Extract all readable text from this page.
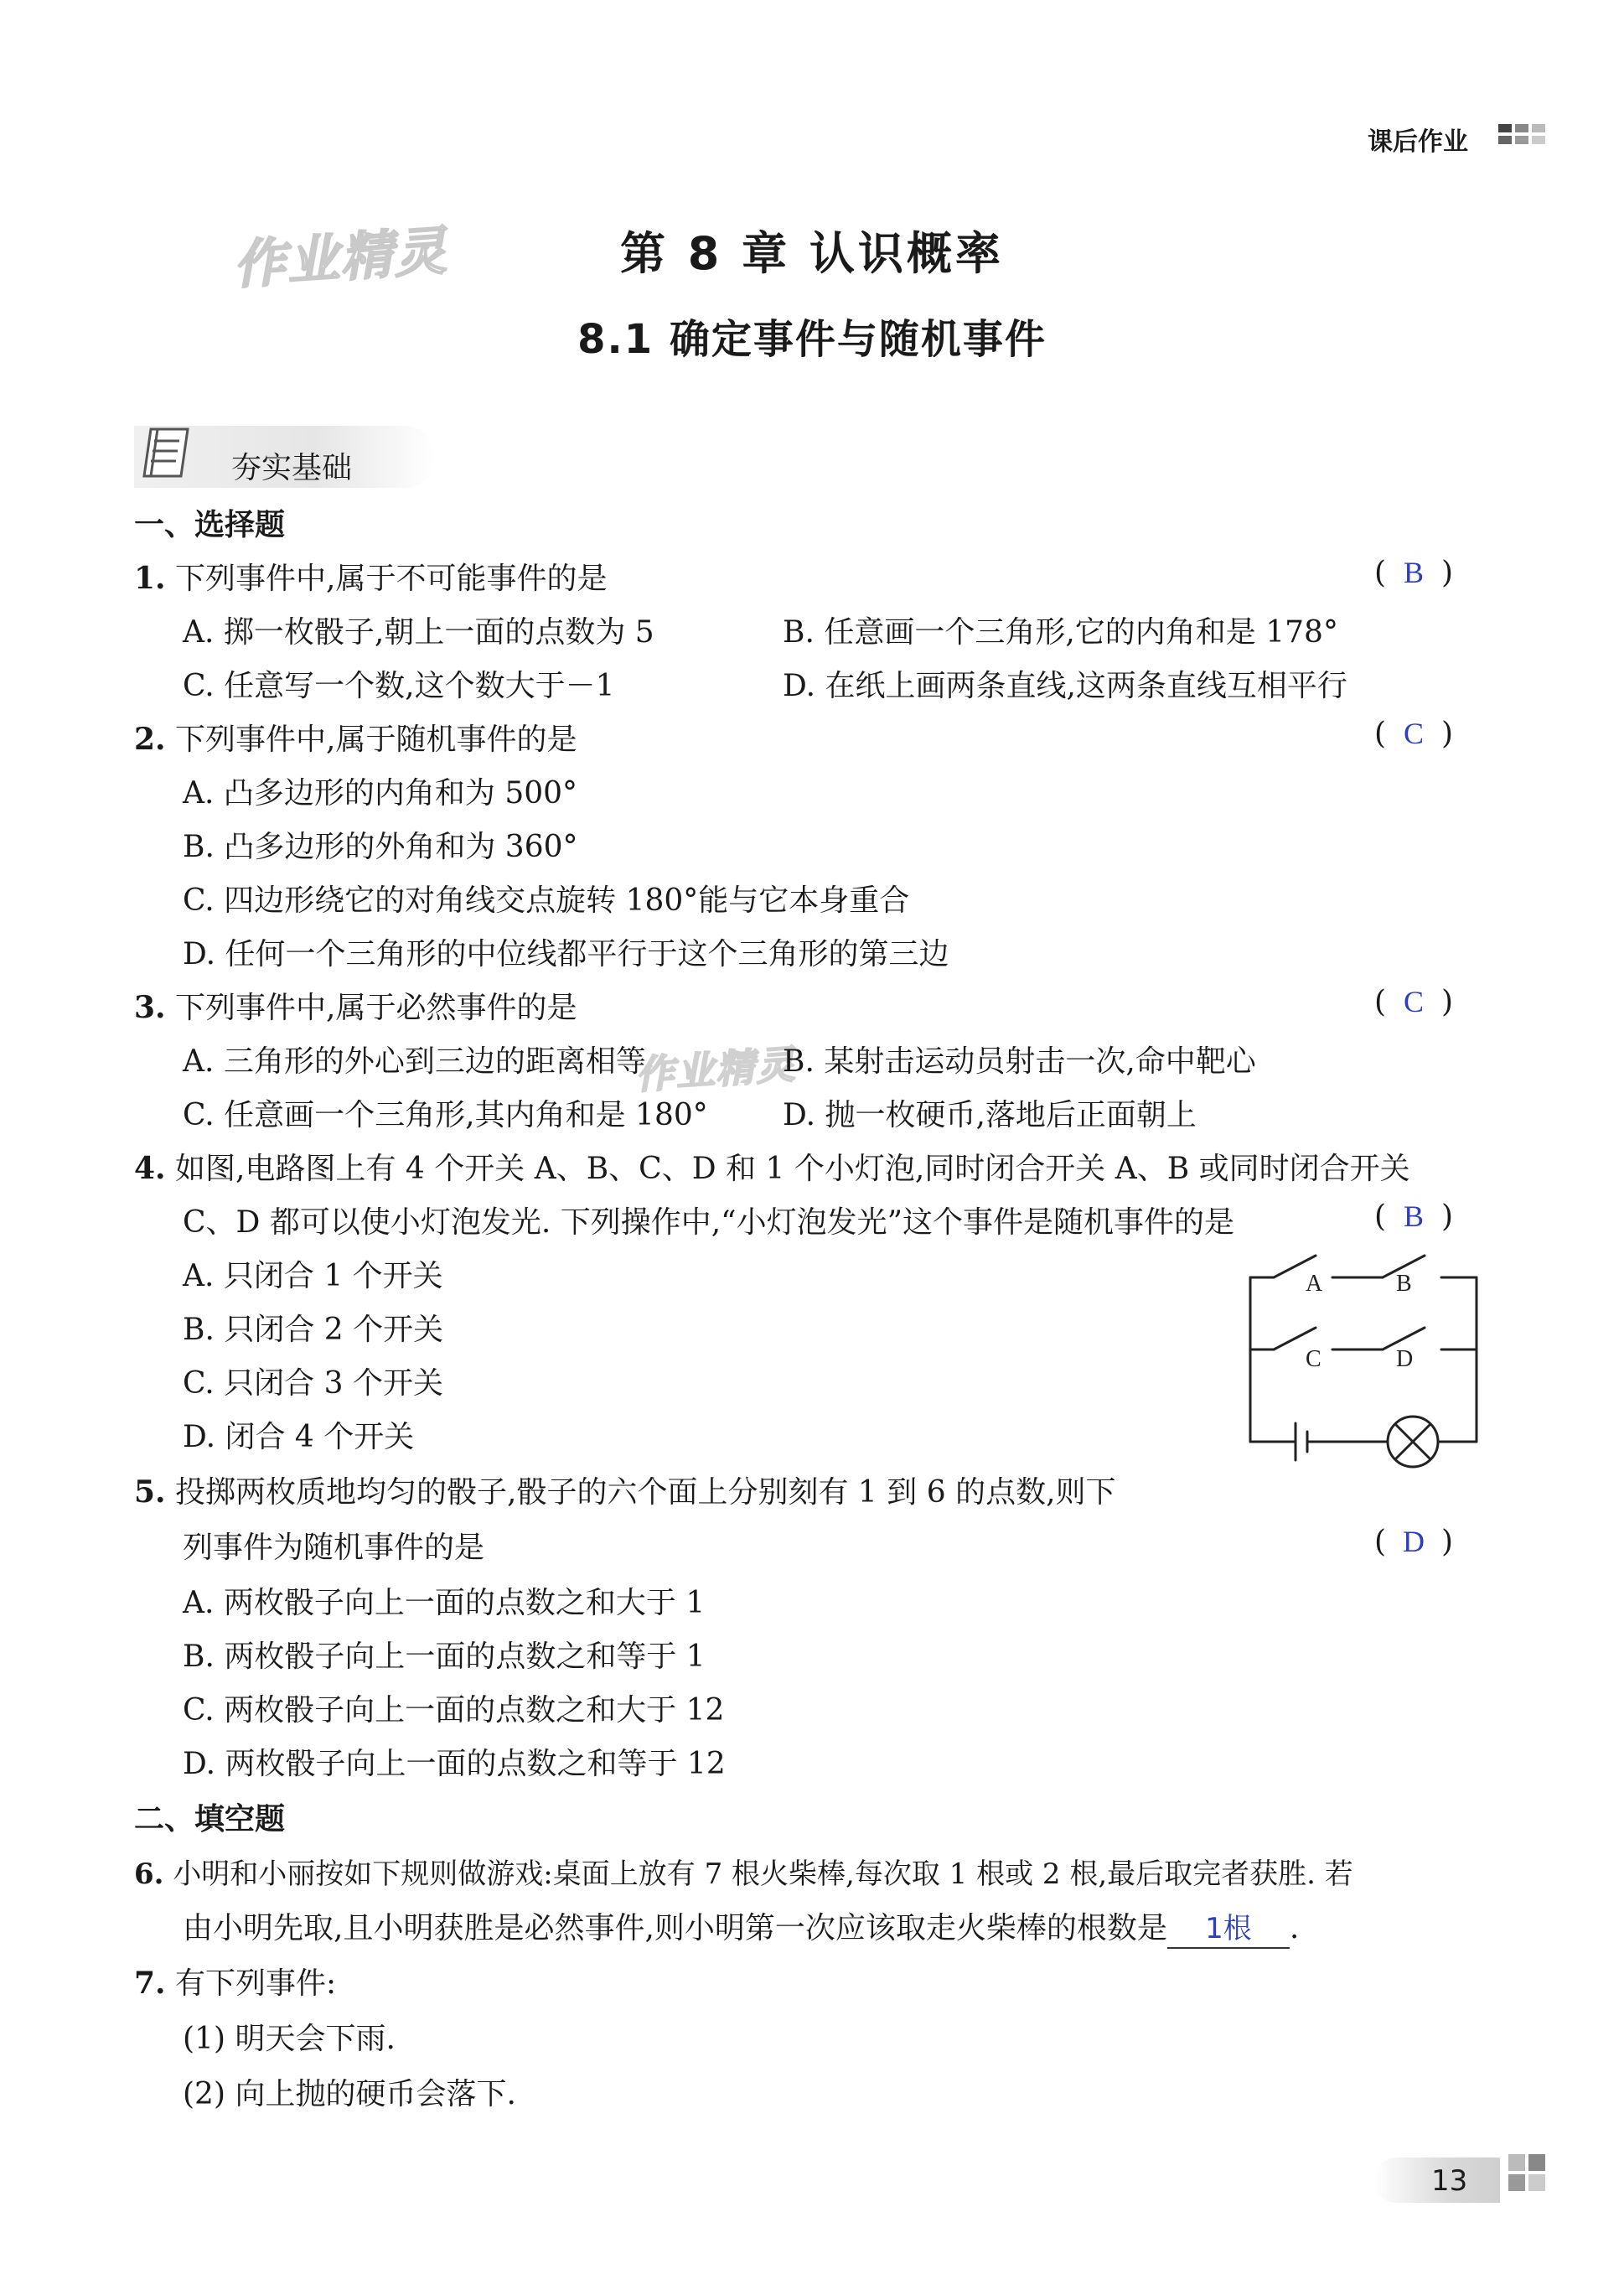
课后作业
作业精灵
作业精灵
第 8 章 认识概率
8.1 确定事件与随机事件
夯实基础
一、选择题
1. 下列事件中,属于不可能事件的是	( B )
A. 掷一枚骰子,朝上一面的点数为 5	B. 任意画一个三角形,它的内角和是 178°
C. 任意写一个数,这个数大于－1	D. 在纸上画两条直线,这两条直线互相平行
2. 下列事件中,属于随机事件的是	( C )
A. 凸多边形的内角和为 500°
B. 凸多边形的外角和为 360°
C. 四边形绕它的对角线交点旋转 180°能与它本身重合
D. 任何一个三角形的中位线都平行于这个三角形的第三边
3. 下列事件中,属于必然事件的是	( C )
A. 三角形的外心到三边的距离相等	B. 某射击运动员射击一次,命中靶心
C. 任意画一个三角形,其内角和是 180° D. 抛一枚硬币,落地后正面朝上
4. 如图,电路图上有 4 个开关 A、B、C、D 和 1 个小灯泡,同时闭合开关 A、B 或同时闭合开关
C、D 都可以使小灯泡发光. 下列操作中,“小灯泡发光”这个事件是随机事件的是	( B )
A. 只闭合 1 个开关
B. 只闭合 2 个开关
C. 只闭合 3 个开关
D. 闭合 4 个开关
A	B
C	D
5. 投掷两枚质地均匀的骰子,骰子的六个面上分别刻有 1 到 6 的点数,则下
列事件为随机事件的是	( D )
A. 两枚骰子向上一面的点数之和大于 1
B. 两枚骰子向上一面的点数之和等于 1
C. 两枚骰子向上一面的点数之和大于 12
D. 两枚骰子向上一面的点数之和等于 12
二、填空题
6. 小明和小丽按如下规则做游戏:桌面上放有 7 根火柴棒,每次取 1 根或 2 根,最后取完者获胜. 若
由小明先取,且小明获胜是必然事件,则小明第一次应该取走火柴棒的根数是 1根 .
7. 有下列事件:
(1) 明天会下雨.
(2) 向上抛的硬币会落下.
13
